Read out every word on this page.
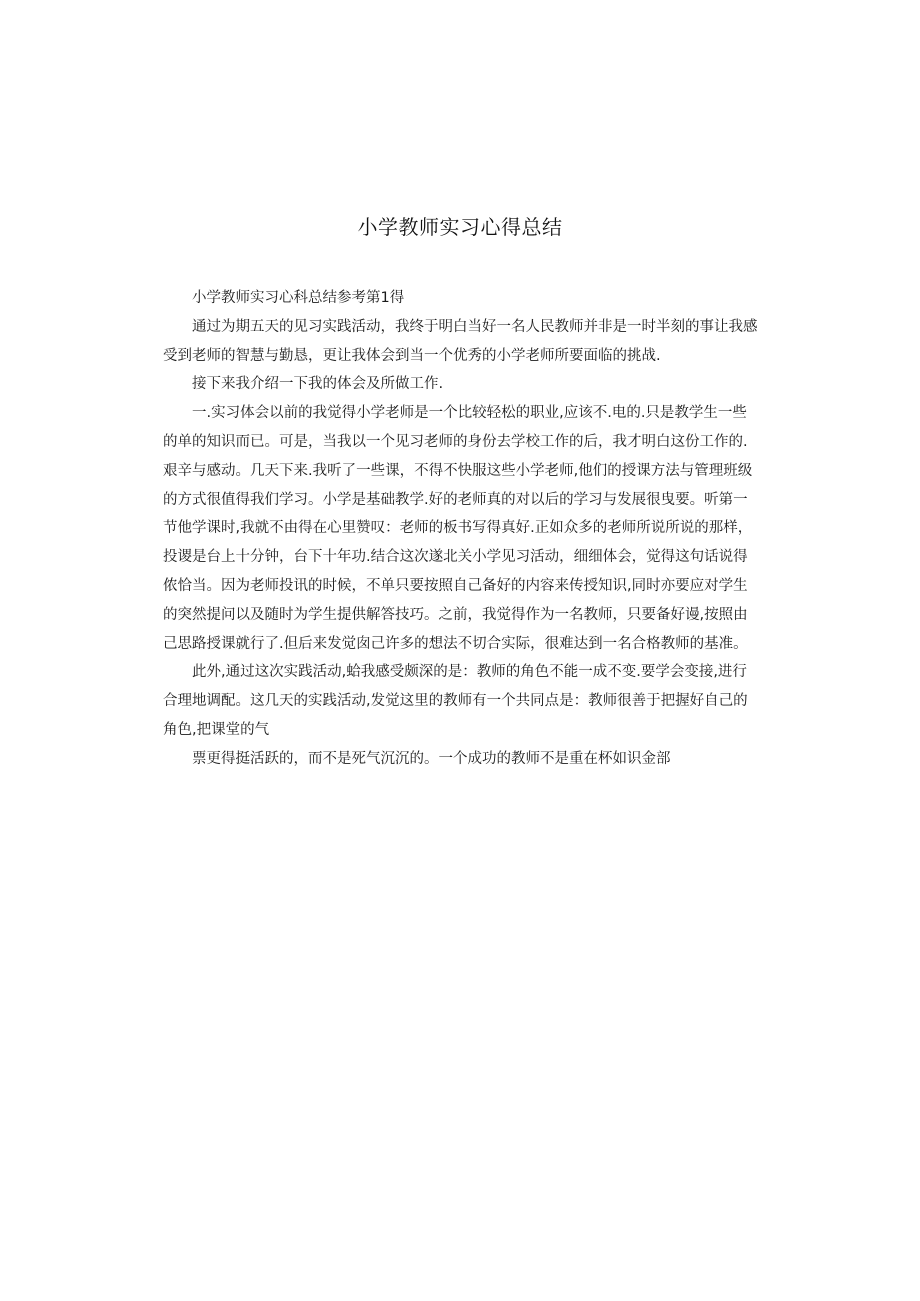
小学教师实习心得总结

小学教师实习心科总结参考第1得

通过为期五天的见习实践活动，我终于明白当好一名人民教师并非是一时半刻的事让我感受到老师的智慧与勤恳，更让我体会到当一个优秀的小学老师所要面临的挑战.

接下来我介绍一下我的体会及所做工作.

一.实习体会以前的我觉得小学老师是一个比较轻松的职业,应该不.电的.只是教学生一些的单的知识而已。可是，当我以一个见习老师的身份去学校工作的后，我才明白这份工作的.艰辛与感动。几天下来.我听了一些课，不得不快服这些小学老师,他们的授课方法与管理班级的方式很值得我们学习。小学是基础教学.好的老师真的对以后的学习与发展很曳要。听第一节他学课时,我就不由得在心里赞叹：老师的板书写得真好.正如众多的老师所说所说的那样，投谡是台上十分钟，台下十年功.结合这次遂北关小学见习活动，细细体会，觉得这句话说得侬恰当。因为老师投讯的时候，不单只要按照自己备好的内容来传授知识,同时亦要应对学生的突然提问以及随时为学生提供解答技巧。之前，我觉得作为一名教师，只要备好谩,按照由己思路授课就行了.但后来发觉囱己许多的想法不切合实际，很难达到一名合格教师的基准。

此外,通过这次实践活动,蛤我感受颇深的是：教师的角色不能一成不变.要学会变接,进行合理地调配。这几天的实践活动,发觉这里的教师有一个共同点是：教师很善于把握好自己的角色,把课堂的气

票更得挺活跃的，而不是死气沉沉的。一个成功的教师不是重在杯如识金部
